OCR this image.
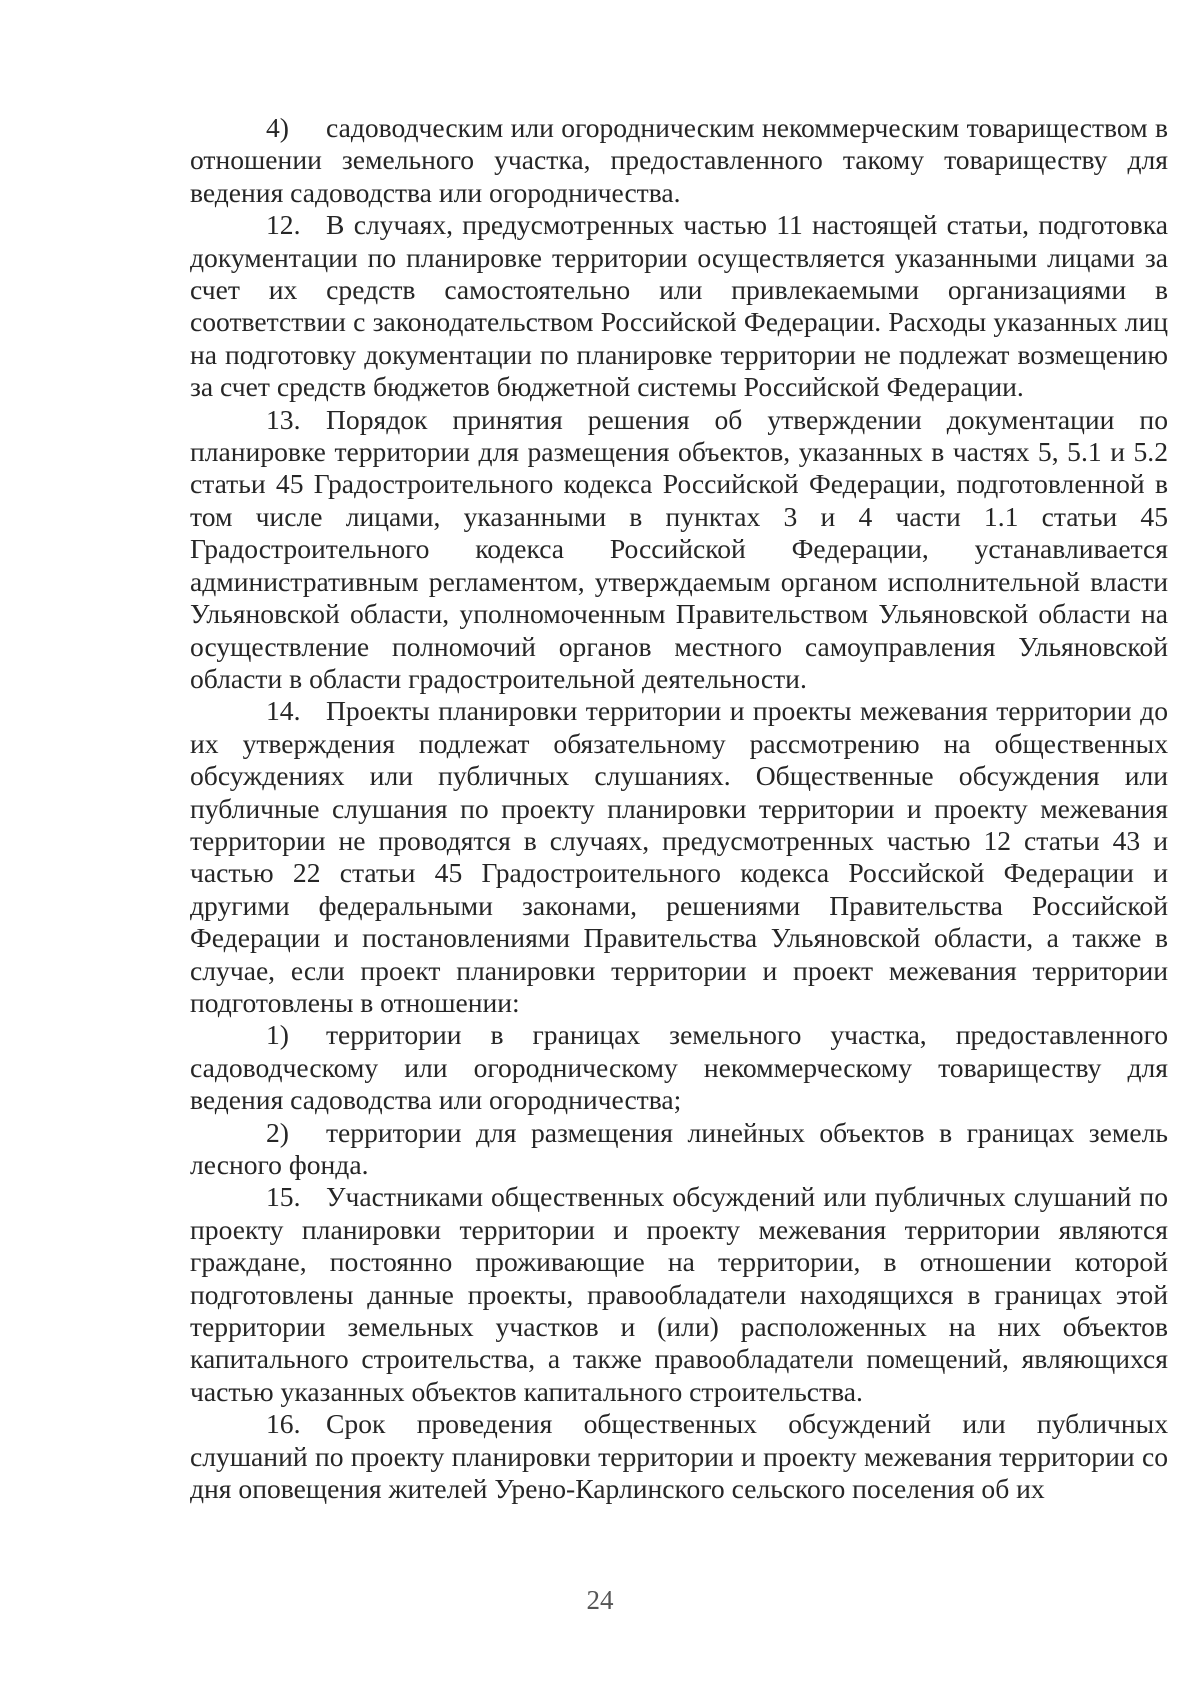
4) садоводческим или огородническим некоммерческим товариществом в отношении земельного участка, предоставленного такому товариществу для ведения садоводства или огородничества.

12. В случаях, предусмотренных частью 11 настоящей статьи, подготовка документации по планировке территории осуществляется указанными лицами за счет их средств самостоятельно или привлекаемыми организациями в соответствии с законодательством Российской Федерации. Расходы указанных лиц на подготовку документации по планировке территории не подлежат возмещению за счет средств бюджетов бюджетной системы Российской Федерации.

13. Порядок принятия решения об утверждении документации по планировке территории для размещения объектов, указанных в частях 5, 5.1 и 5.2 статьи 45 Градостроительного кодекса Российской Федерации, подготовленной в том числе лицами, указанными в пунктах 3 и 4 части 1.1 статьи 45 Градостроительного кодекса Российской Федерации, устанавливается административным регламентом, утверждаемым органом исполнительной власти Ульяновской области, уполномоченным Правительством Ульяновской области на осуществление полномочий органов местного самоуправления Ульяновской области в области градостроительной деятельности.

14. Проекты планировки территории и проекты межевания территории до их утверждения подлежат обязательному рассмотрению на общественных обсуждениях или публичных слушаниях. Общественные обсуждения или публичные слушания по проекту планировки территории и проекту межевания территории не проводятся в случаях, предусмотренных частью 12 статьи 43 и частью 22 статьи 45 Градостроительного кодекса Российской Федерации и другими федеральными законами, решениями Правительства Российской Федерации и постановлениями Правительства Ульяновской области, а также в случае, если проект планировки территории и проект межевания территории подготовлены в отношении:

1) территории в границах земельного участка, предоставленного садоводческому или огородническому некоммерческому товариществу для ведения садоводства или огородничества;

2) территории для размещения линейных объектов в границах земель лесного фонда.

15. Участниками общественных обсуждений или публичных слушаний по проекту планировки территории и проекту межевания территории являются граждане, постоянно проживающие на территории, в отношении которой подготовлены данные проекты, правообладатели находящихся в границах этой территории земельных участков и (или) расположенных на них объектов капитального строительства, а также правообладатели помещений, являющихся частью указанных объектов капитального строительства.

16. Срок проведения общественных обсуждений или публичных слушаний по проекту планировки территории и проекту межевания территории со дня оповещения жителей Урено-Карлинского сельского поселения об их

24
